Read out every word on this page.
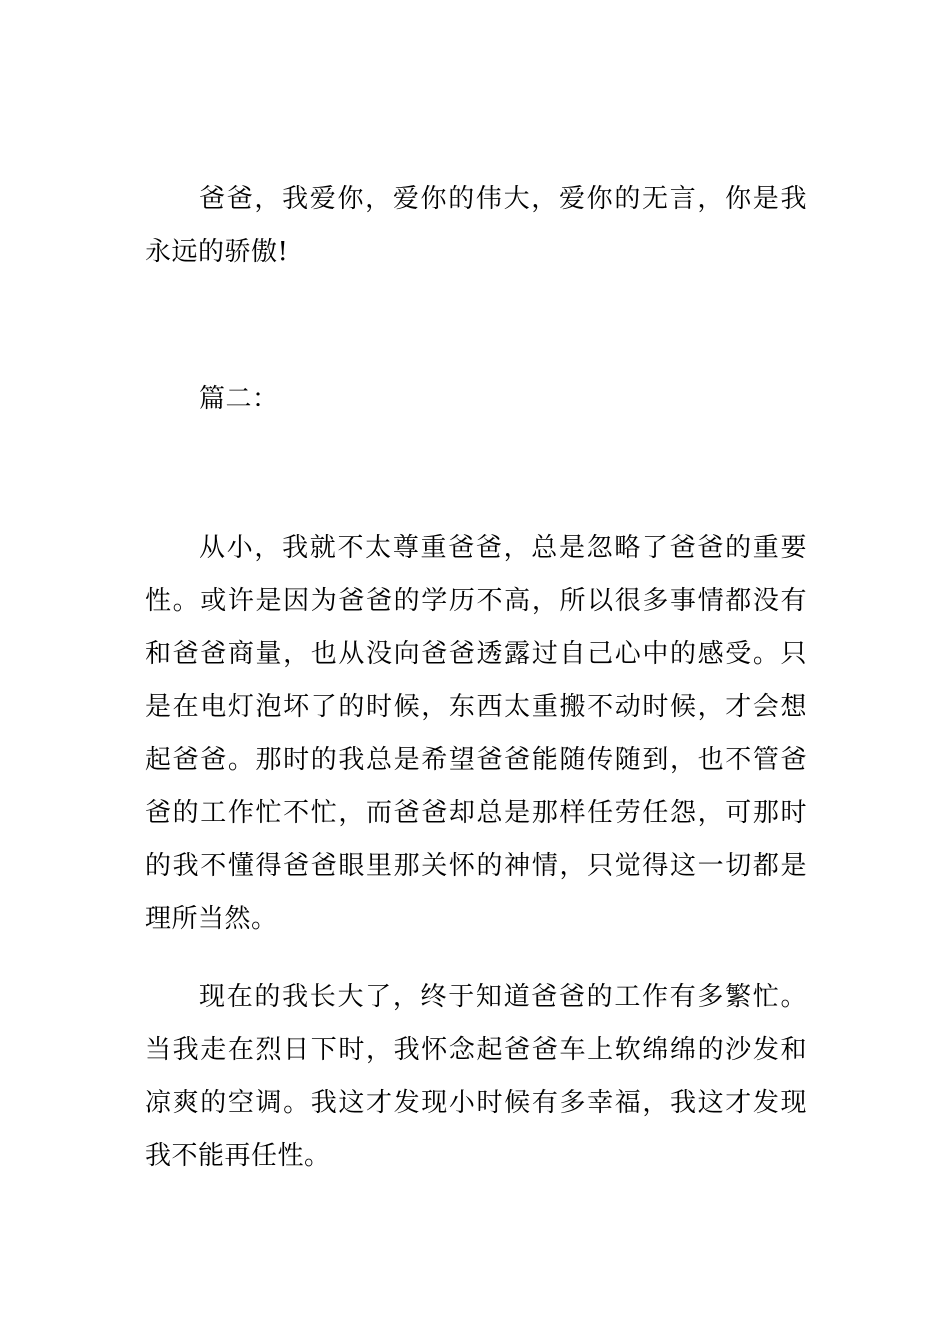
爸爸，我爱你，爱你的伟大，爱你的无言，你是我永远的骄傲!

篇二：

从小，我就不太尊重爸爸，总是忽略了爸爸的重要性。或许是因为爸爸的学历不高，所以很多事情都没有和爸爸商量，也从没向爸爸透露过自己心中的感受。只是在电灯泡坏了的时候，东西太重搬不动时候，才会想起爸爸。那时的我总是希望爸爸能随传随到，也不管爸爸的工作忙不忙，而爸爸却总是那样任劳任怨，可那时的我不懂得爸爸眼里那关怀的神情，只觉得这一切都是理所当然。

现在的我长大了，终于知道爸爸的工作有多繁忙。当我走在烈日下时，我怀念起爸爸车上软绵绵的沙发和凉爽的空调。我这才发现小时候有多幸福，我这才发现我不能再任性。
